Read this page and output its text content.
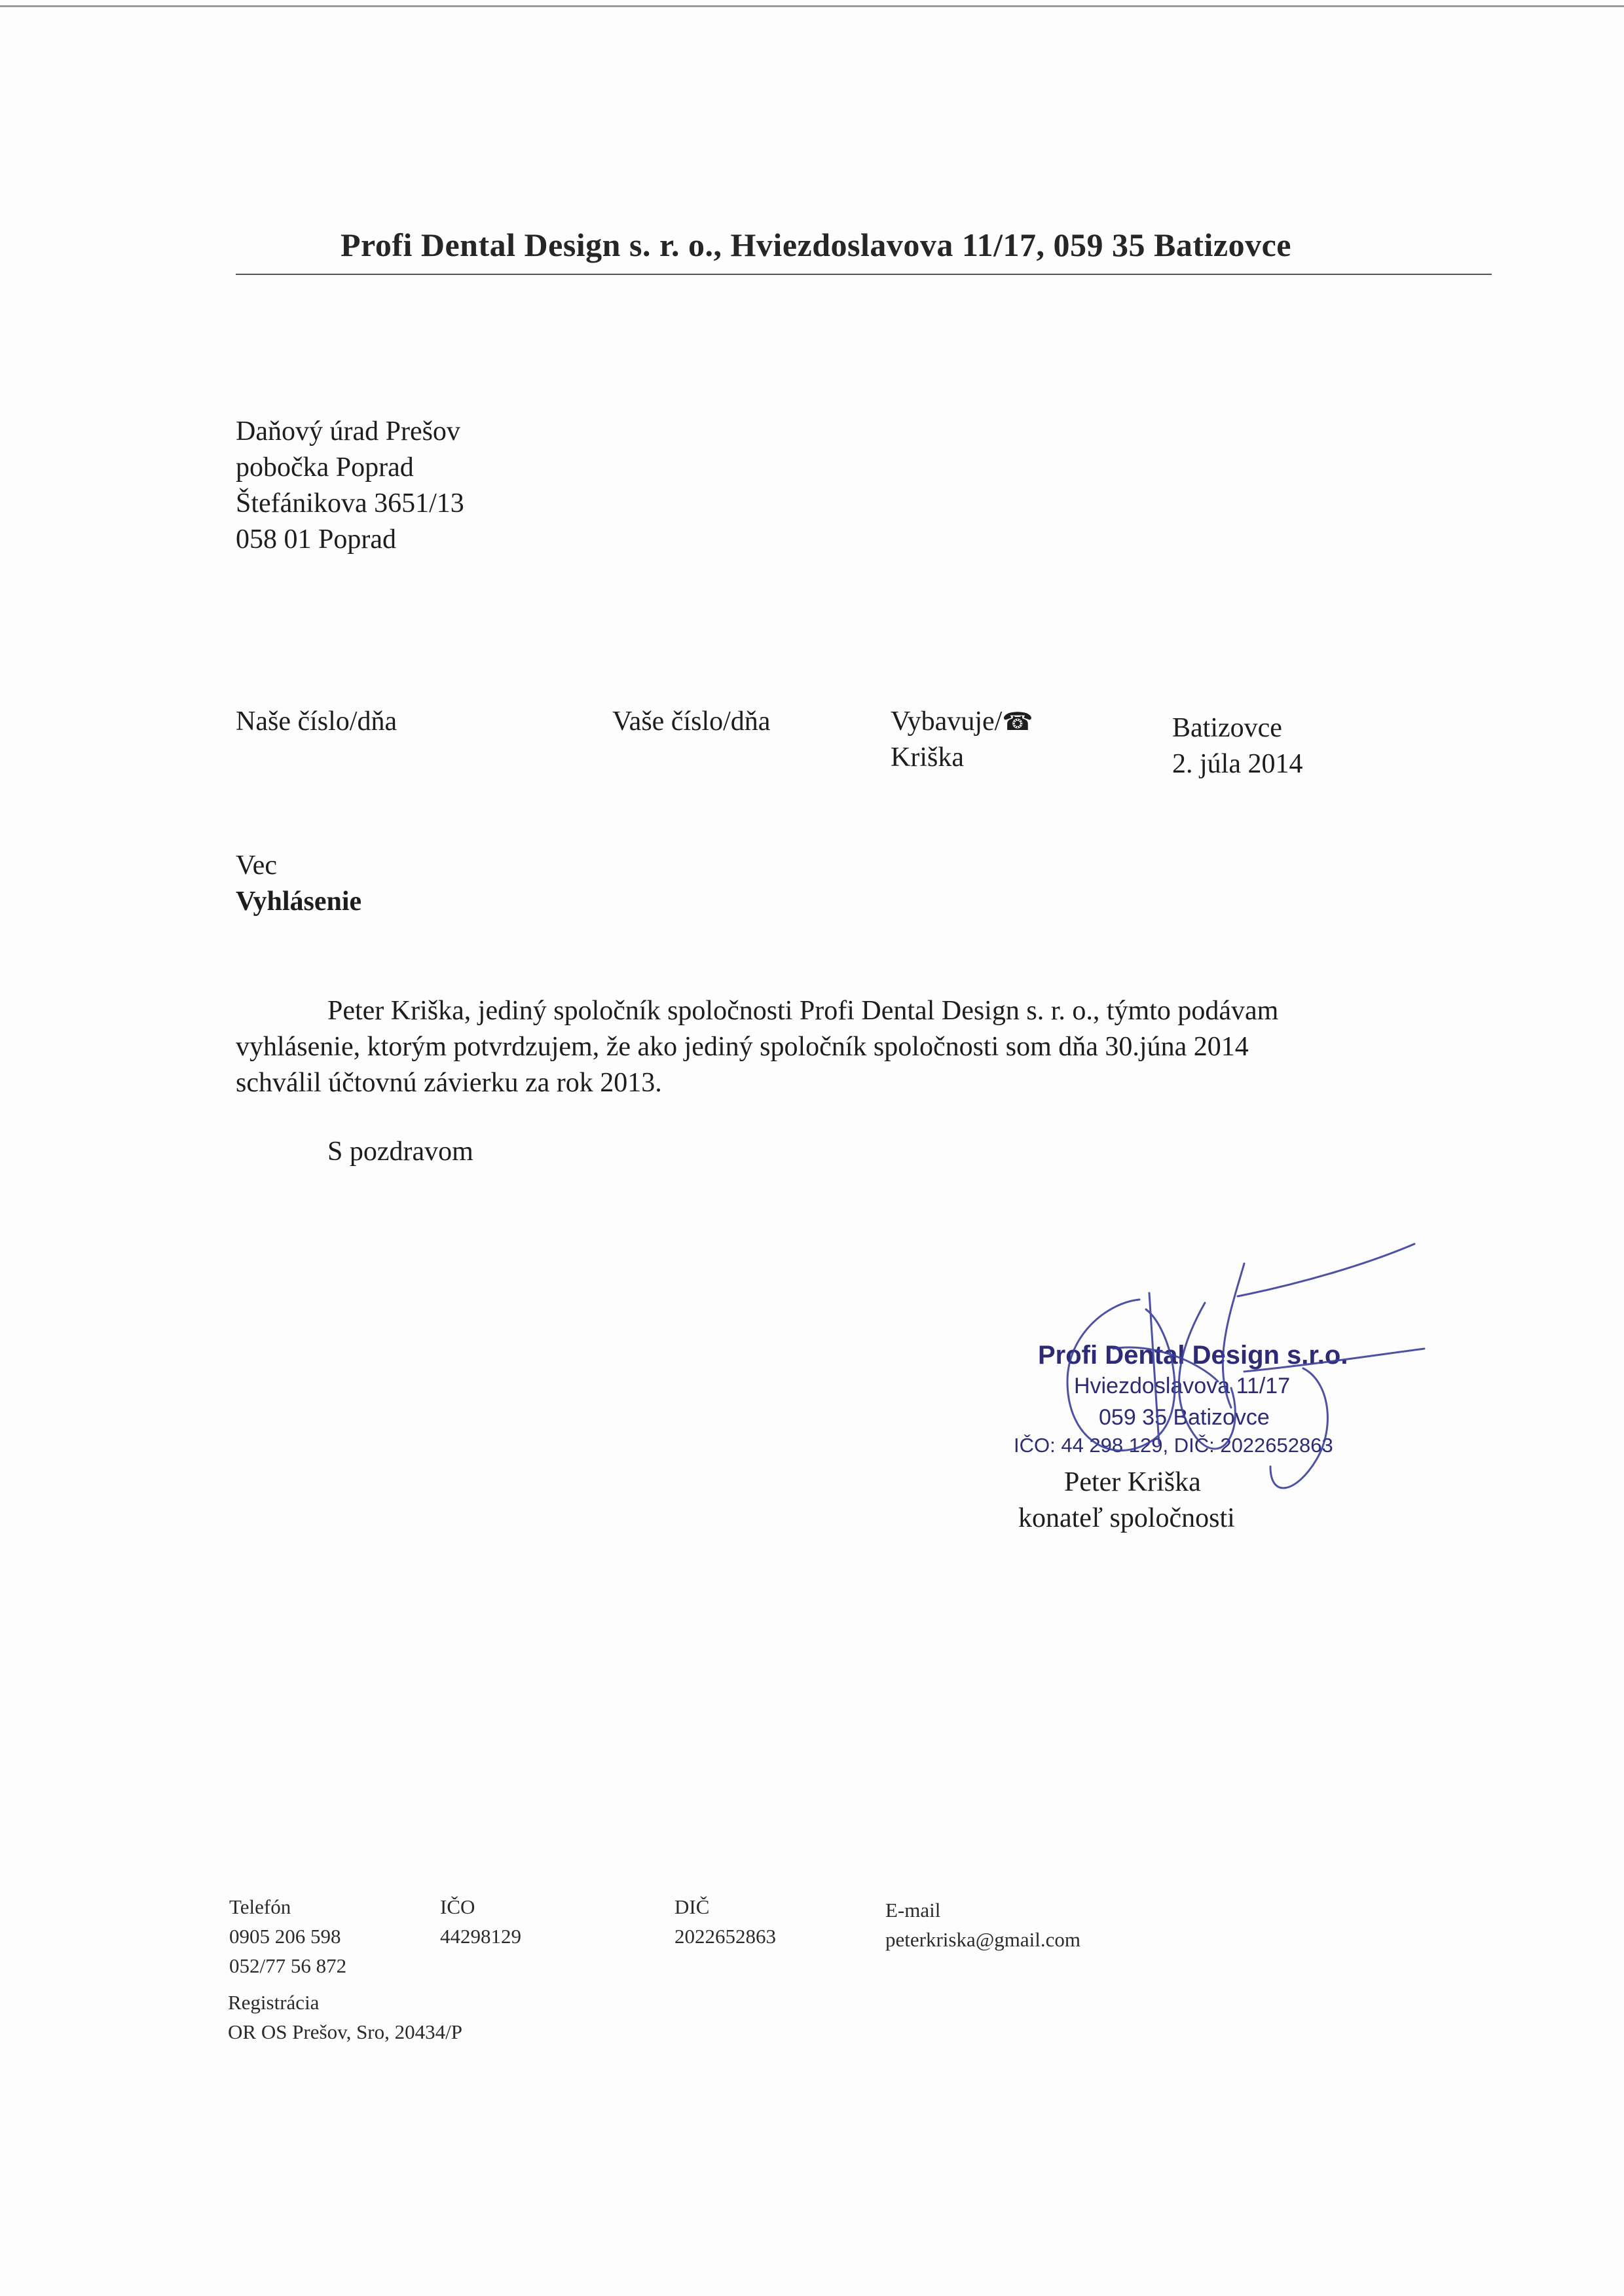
Profi Dental Design s. r. o., Hviezdoslavova 11/17, 059 35 Batizovce
Daňový úrad Prešov
pobočka Poprad
Štefánikova 3651/13
058 01 Poprad
Naše číslo/dňa	Vaše číslo/dňa	Vybavuje/☎
Kriška
Batizovce
2. júla 2014
Vec
Vyhlásenie
Peter Kriška, jediný spoločník spoločnosti Profi Dental Design s. r. o., týmto podávam
vyhlásenie, ktorým potvrdzujem, že ako jediný spoločník spoločnosti som dňa 30.júna 2014
schválil účtovnú závierku za rok 2013.
S pozdravom
Profi Dental Design s.r.o.
Hviezdoslavova 11/17
059 35 Batizovce
IČO: 44 298 129, DIČ: 2022652863
Peter Kriška
konateľ spoločnosti
Telefón
0905 206 598
052/77 56 872
IČO
44298129
DIČ
2022652863
E-mail
peterkriska@gmail.com
Registrácia
OR OS Prešov, Sro, 20434/P
